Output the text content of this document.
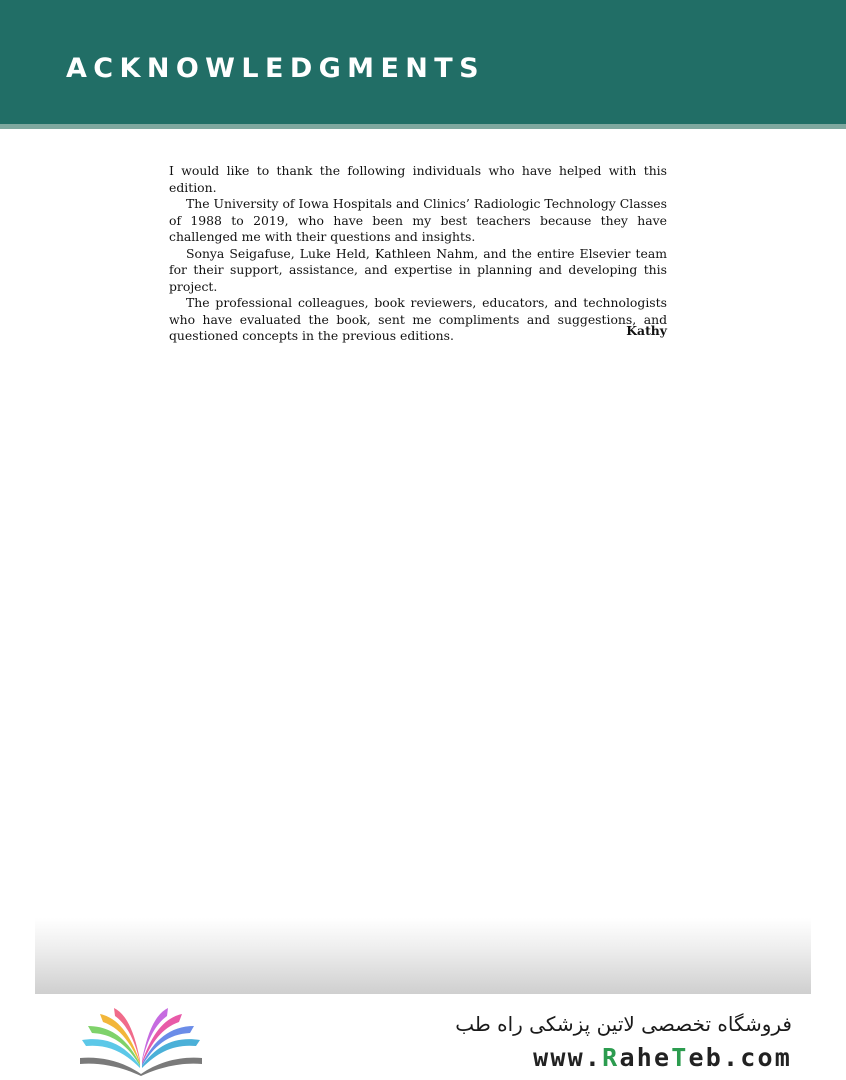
ACKNOWLEDGMENTS

I would like to thank the following individuals who have helped with this edition.

The University of Iowa Hospitals and Clinics’ Radiologic Technology Classes of 1988 to 2019, who have been my best teachers because they have challenged me with their questions and insights.

Sonya Seigafuse, Luke Held, Kathleen Nahm, and the entire Elsevier team for their support, assistance, and expertise in planning and developing this project.

The professional colleagues, book reviewers, educators, and technologists who have evaluated the book, sent me compliments and suggestions, and questioned concepts in the previous editions.	Kathy
فروشگاه تخصصی لاتین پزشکی راه طب
www.RaheTeb.com
